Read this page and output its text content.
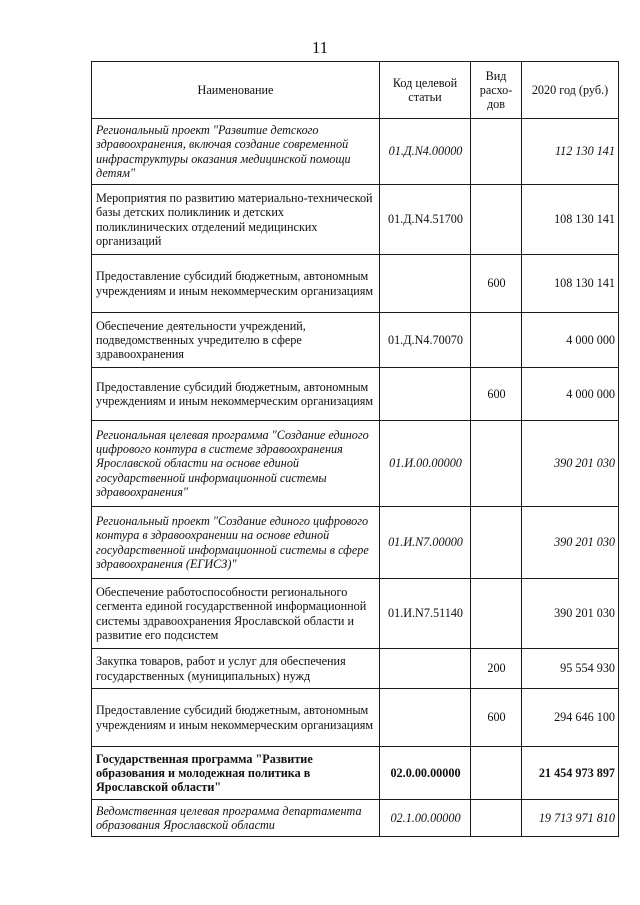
11
Наименование	Код целевой статьи	Вид расхо-дов	2020 год (руб.)
Региональный проект "Развитие детского здравоохранения, включая создание современной инфраструктуры оказания медицинской помощи детям"	01.Д.N4.00000		112 130 141
Мероприятия по развитию материально-технической базы детских поликлиник и детских поликлинических отделений медицинских организаций	01.Д.N4.51700		108 130 141
Предоставление субсидий бюджетным, автономным учреждениям и иным некоммерческим организациям		600	108 130 141
Обеспечение деятельности учреждений, подведомственных учредителю в сфере здравоохранения	01.Д.N4.70070		4 000 000
Предоставление субсидий бюджетным, автономным учреждениям и иным некоммерческим организациям		600	4 000 000
Региональная целевая программа "Создание единого цифрового контура в системе здравоохранения Ярославской области на основе единой государственной информационной системы здравоохранения"	01.И.00.00000		390 201 030
Региональный проект "Создание единого цифрового контура в здравоохранении на основе единой государственной информационной системы в сфере здравоохранения (ЕГИСЗ)"	01.И.N7.00000		390 201 030
Обеспечение работоспособности регионального сегмента единой государственной информационной системы здравоохранения Ярославской области и развитие его подсистем	01.И.N7.51140		390 201 030
Закупка товаров, работ и услуг для обеспечения государственных (муниципальных) нужд		200	95 554 930
Предоставление субсидий бюджетным, автономным учреждениям и иным некоммерческим организациям		600	294 646 100
Государственная программа "Развитие образования и молодежная политика в Ярославской области"	02.0.00.00000		21 454 973 897
Ведомственная целевая программа департамента образования Ярославской области	02.1.00.00000		19 713 971 810
